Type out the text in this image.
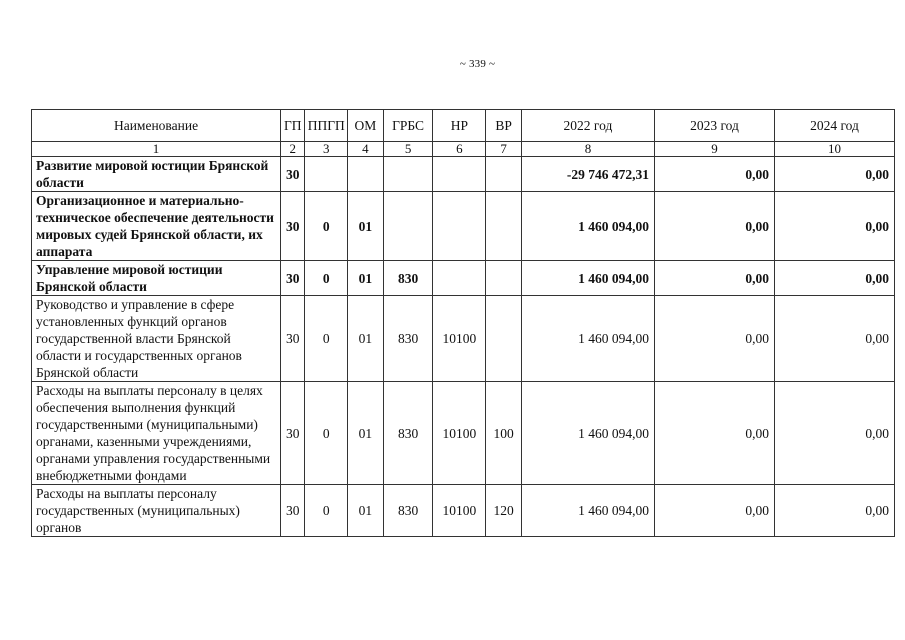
~ 339 ~
Наименование	ГП	ППГП	ОМ	ГРБС	НР	ВР	2022 год	2023 год	2024 год
1	2	3	4	5	6	7	8	9	10
Развитие мировой юстиции Брянской области	30						-29 746 472,31	0,00	0,00
Организационное и материально-техническое обеспечение деятельности мировых судей Брянской области, их аппарата	30	0	01				1 460 094,00	0,00	0,00
Управление мировой юстиции Брянской области	30	0	01	830			1 460 094,00	0,00	0,00
Руководство и управление в сфере установленных функций органов государственной власти Брянской области и государственных органов Брянской области	30	0	01	830	10100		1 460 094,00	0,00	0,00
Расходы на выплаты персоналу в целях обеспечения выполнения функций государственными (муниципальными) органами, казенными учреждениями, органами управления государственными внебюджетными фондами	30	0	01	830	10100	100	1 460 094,00	0,00	0,00
Расходы на выплаты персоналу государственных (муниципальных) органов	30	0	01	830	10100	120	1 460 094,00	0,00	0,00
